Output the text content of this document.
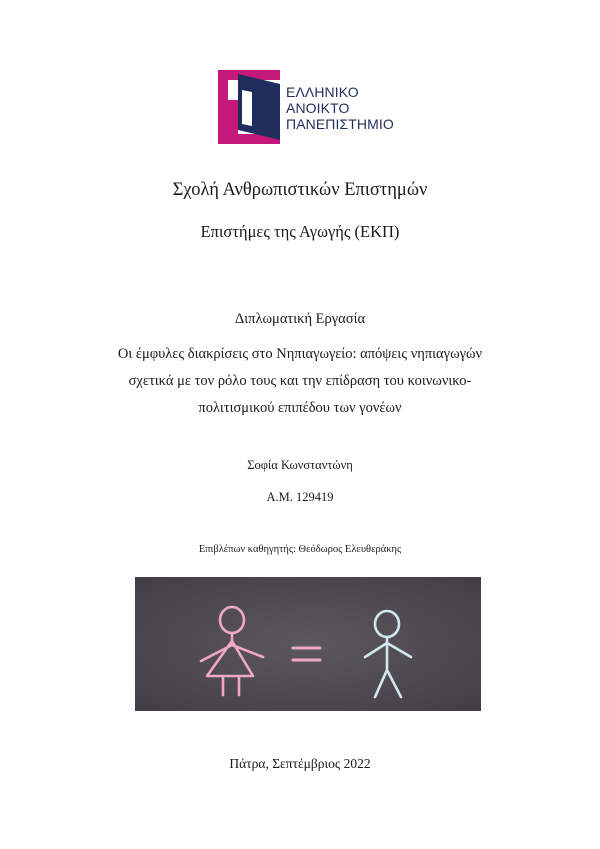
ΕΛΛΗΝΙΚΟ
ΑΝΟΙΚΤΟ
ΠΑΝΕΠΙΣΤΗΜΙΟ
Σχολή Ανθρωπιστικών Επιστημών
Επιστήμες της Αγωγής (ΕΚΠ)
Διπλωματική Εργασία
Οι έμφυλες διακρίσεις στο Νηπιαγωγείο: απόψεις νηπιαγωγών
σχετικά με τον ρόλο τους και την επίδραση του κοινωνικο-
πολιτισμικού επιπέδου των γονέων
Σοφία Κωνσταντώνη
Α.Μ. 129419
Επιβλέπων καθηγητής: Θεόδωρος Ελευθεράκης
Πάτρα, Σεπτέμβριος 2022
